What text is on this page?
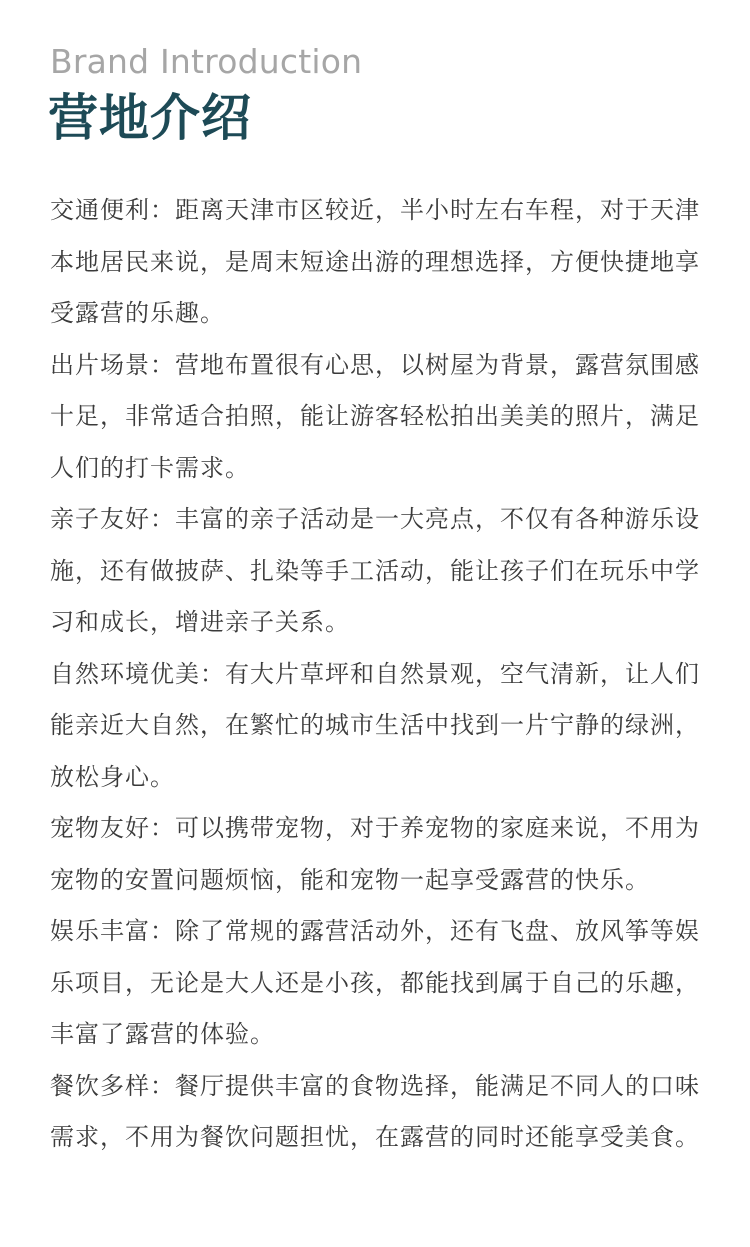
Brand Introduction
营地介绍

交通便利：距离天津市区较近，半小时左右车程，对于天津本地居民来说，是周末短途出游的理想选择，方便快捷地享受露营的乐趣。

出片场景：营地布置很有心思，以树屋为背景，露营氛围感十足，非常适合拍照，能让游客轻松拍出美美的照片，满足人们的打卡需求。

亲子友好：丰富的亲子活动是一大亮点，不仅有各种游乐设施，还有做披萨、扎染等手工活动，能让孩子们在玩乐中学习和成长，增进亲子关系。

自然环境优美：有大片草坪和自然景观，空气清新，让人们能亲近大自然，在繁忙的城市生活中找到一片宁静的绿洲，放松身心。

宠物友好：可以携带宠物，对于养宠物的家庭来说，不用为宠物的安置问题烦恼，能和宠物一起享受露营的快乐。

娱乐丰富：除了常规的露营活动外，还有飞盘、放风筝等娱乐项目，无论是大人还是小孩，都能找到属于自己的乐趣，丰富了露营的体验。

餐饮多样：餐厅提供丰富的食物选择，能满足不同人的口味需求，不用为餐饮问题担忧，在露营的同时还能享受美食。
